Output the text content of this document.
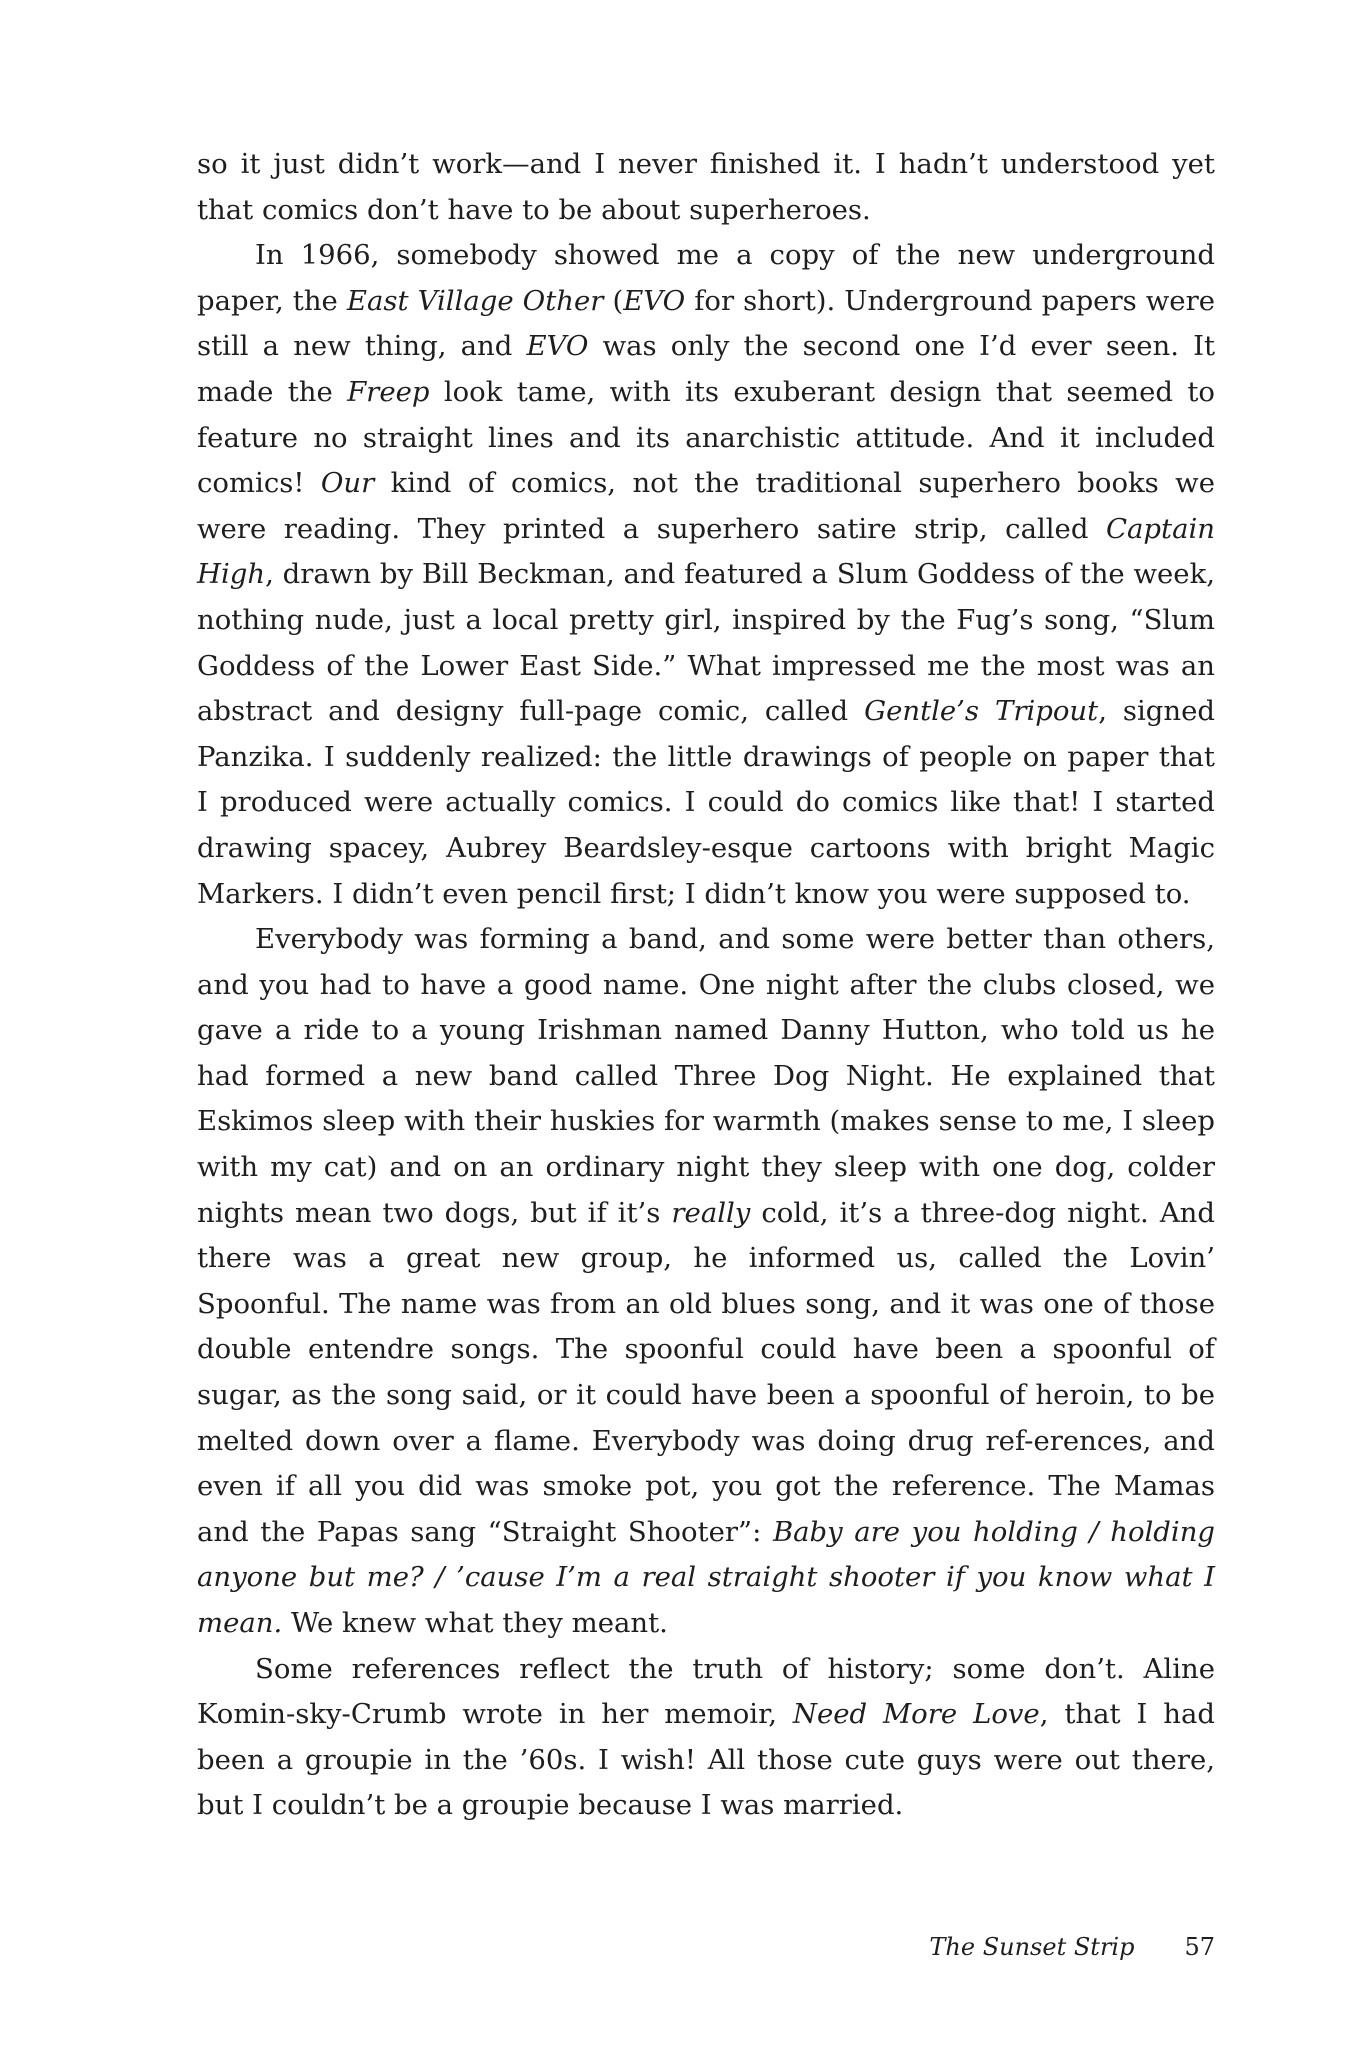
so it just didn’t work—and I never finished it. I hadn’t understood yet that comics don’t have to be about superheroes.

In 1966, somebody showed me a copy of the new underground paper, the East Village Other (EVO for short). Underground papers were still a new thing, and EVO was only the second one I’d ever seen. It made the Freep look tame, with its exuberant design that seemed to feature no straight lines and its anarchistic attitude. And it included comics! Our kind of comics, not the traditional superhero books we were reading. They printed a superhero satire strip, called Captain High, drawn by Bill Beckman, and featured a Slum Goddess of the week, nothing nude, just a local pretty girl, inspired by the Fug’s song, “Slum Goddess of the Lower East Side.” What impressed me the most was an abstract and designy full-page comic, called Gentle’s Tripout, signed Panzika. I suddenly realized: the little drawings of people on paper that I produced were actually comics. I could do comics like that! I started drawing spacey, Aubrey Beardsley-esque cartoons with bright Magic Markers. I didn’t even pencil first; I didn’t know you were supposed to.

Everybody was forming a band, and some were better than others, and you had to have a good name. One night after the clubs closed, we gave a ride to a young Irishman named Danny Hutton, who told us he had formed a new band called Three Dog Night. He explained that Eskimos sleep with their huskies for warmth (makes sense to me, I sleep with my cat) and on an ordinary night they sleep with one dog, colder nights mean two dogs, but if it’s really cold, it’s a three-dog night. And there was a great new group, he informed us, called the Lovin’ Spoonful. The name was from an old blues song, and it was one of those double entendre songs. The spoonful could have been a spoonful of sugar, as the song said, or it could have been a spoonful of heroin, to be melted down over a flame. Everybody was doing drug ref-erences, and even if all you did was smoke pot, you got the reference. The Mamas and the Papas sang “Straight Shooter”: Baby are you holding / holding anyone but me? / ’cause I’m a real straight shooter if you know what I mean. We knew what they meant.

Some references reflect the truth of history; some don’t. Aline Komin-sky-Crumb wrote in her memoir, Need More Love, that I had been a groupie in the ’60s. I wish! All those cute guys were out there, but I couldn’t be a groupie because I was married.

The Sunset Strip 57
